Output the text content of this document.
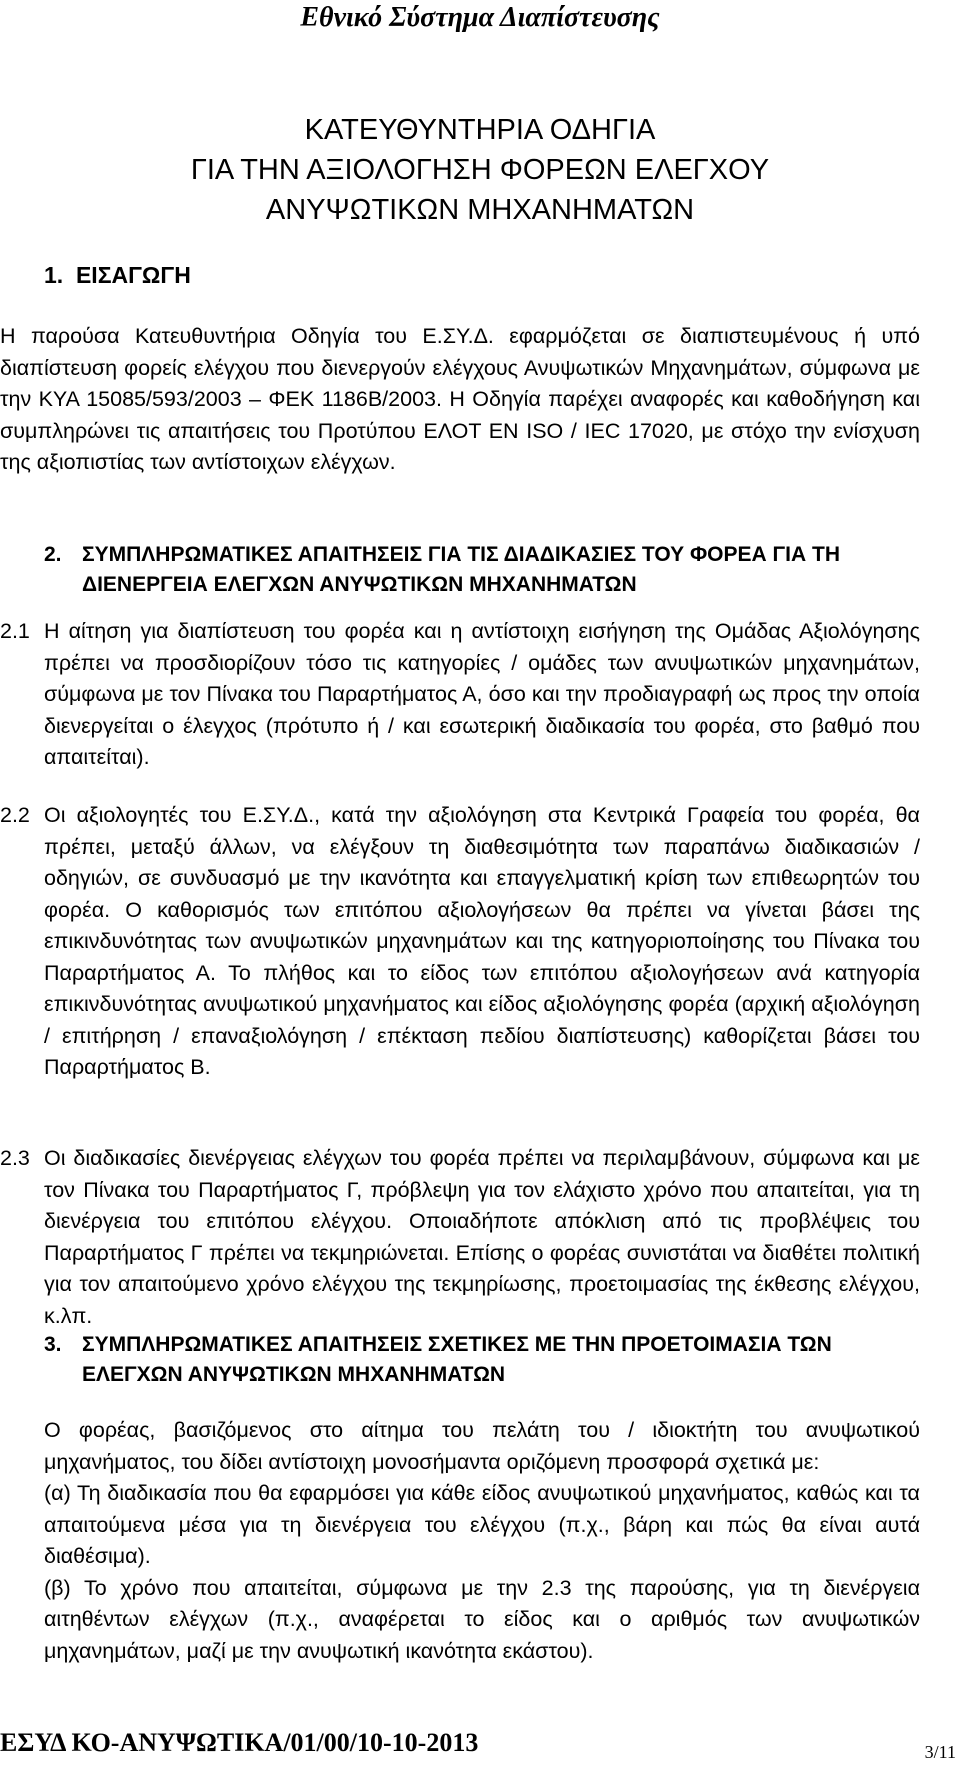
Εθνικό Σύστημα Διαπίστευσης
ΚΑΤΕΥΘΥΝΤΗΡΙΑ ΟΔΗΓΙΑ
ΓΙΑ ΤΗΝ ΑΞΙΟΛΟΓΗΣΗ ΦΟΡΕΩΝ ΕΛΕΓΧΟΥ
ΑΝΥΨΩΤΙΚΩΝ ΜΗΧΑΝΗΜΑΤΩΝ
1.  ΕΙΣΑΓΩΓΗ
Η παρούσα Κατευθυντήρια Οδηγία του Ε.ΣΥ.Δ. εφαρμόζεται σε διαπιστευμένους ή υπό διαπίστευση φορείς ελέγχου που διενεργούν ελέγχους Ανυψωτικών Μηχανημάτων, σύμφωνα με την ΚΥΑ 15085/593/2003 – ΦΕΚ 1186Β/2003. Η Οδηγία παρέχει αναφορές και καθοδήγηση και συμπληρώνει τις απαιτήσεις του Προτύπου ΕΛΟΤ ΕΝ ISO / IEC 17020, με στόχο την ενίσχυση της αξιοπιστίας των αντίστοιχων ελέγχων.
2. ΣΥΜΠΛΗΡΩΜΑΤΙΚΕΣ ΑΠΑΙΤΗΣΕΙΣ ΓΙΑ ΤΙΣ ΔΙΑΔΙΚΑΣΙΕΣ ΤΟΥ ΦΟΡΕΑ ΓΙΑ ΤΗ ΔΙΕΝΕΡΓΕΙΑ ΕΛΕΓΧΩΝ ΑΝΥΨΩΤΙΚΩΝ ΜΗΧΑΝΗΜΑΤΩΝ
2.1 Η αίτηση για διαπίστευση του φορέα και η αντίστοιχη εισήγηση της Ομάδας Αξιολόγησης πρέπει να προσδιορίζουν τόσο τις κατηγορίες / ομάδες των ανυψωτικών μηχανημάτων, σύμφωνα με τον Πίνακα του Παραρτήματος Α, όσο και την προδιαγραφή ως προς την οποία διενεργείται ο έλεγχος (πρότυπο ή / και εσωτερική διαδικασία του φορέα, στο βαθμό που απαιτείται).
2.2 Οι αξιολογητές του Ε.ΣΥ.Δ., κατά την αξιολόγηση στα Κεντρικά Γραφεία του φορέα, θα πρέπει, μεταξύ άλλων, να ελέγξουν τη διαθεσιμότητα των παραπάνω διαδικασιών / οδηγιών, σε συνδυασμό με την ικανότητα και επαγγελματική κρίση των επιθεωρητών του φορέα. Ο καθορισμός των επιτόπου αξιολογήσεων θα πρέπει να γίνεται βάσει της επικινδυνότητας των ανυψωτικών μηχανημάτων και της κατηγοριοποίησης του Πίνακα του Παραρτήματος Α. Το πλήθος και το είδος των επιτόπου αξιολογήσεων ανά κατηγορία επικινδυνότητας ανυψωτικού μηχανήματος και είδος αξιολόγησης φορέα (αρχική αξιολόγηση / επιτήρηση / επαναξιολόγηση / επέκταση πεδίου διαπίστευσης) καθορίζεται βάσει του Παραρτήματος Β.
2.3 Οι διαδικασίες διενέργειας ελέγχων του φορέα πρέπει να περιλαμβάνουν, σύμφωνα και με τον Πίνακα του Παραρτήματος Γ, πρόβλεψη για τον ελάχιστο χρόνο που απαιτείται, για τη διενέργεια του επιτόπου ελέγχου. Οποιαδήποτε απόκλιση από τις προβλέψεις του Παραρτήματος Γ πρέπει να τεκμηριώνεται. Επίσης ο φορέας συνιστάται να διαθέτει πολιτική για τον απαιτούμενο χρόνο ελέγχου της τεκμηρίωσης, προετοιμασίας της έκθεσης ελέγχου, κ.λπ.
3. ΣΥΜΠΛΗΡΩΜΑΤΙΚΕΣ ΑΠΑΙΤΗΣΕΙΣ ΣΧΕΤΙΚΕΣ ΜΕ ΤΗΝ ΠΡΟΕΤΟΙΜΑΣΙΑ ΤΩΝ ΕΛΕΓΧΩΝ ΑΝΥΨΩΤΙΚΩΝ ΜΗΧΑΝΗΜΑΤΩΝ

Ο φορέας, βασιζόμενος στο αίτημα του πελάτη του / ιδιοκτήτη του ανυψωτικού μηχανήματος, του δίδει αντίστοιχη μονοσήμαντα οριζόμενη προσφορά σχετικά με:

(α) Τη διαδικασία που θα εφαρμόσει για κάθε είδος ανυψωτικού μηχανήματος, καθώς και τα απαιτούμενα μέσα για τη διενέργεια του ελέγχου (π.χ., βάρη και πώς θα είναι αυτά διαθέσιμα).

(β) Το χρόνο που απαιτείται, σύμφωνα με την 2.3 της παρούσης, για τη διενέργεια αιτηθέντων ελέγχων (π.χ., αναφέρεται το είδος και ο αριθμός των ανυψωτικών μηχανημάτων, μαζί με την ανυψωτική ικανότητα εκάστου).

ΕΣΥΔ ΚΟ-ΑΝΥΨΩΤΙΚΑ/01/00/10-10-2013	3/11
